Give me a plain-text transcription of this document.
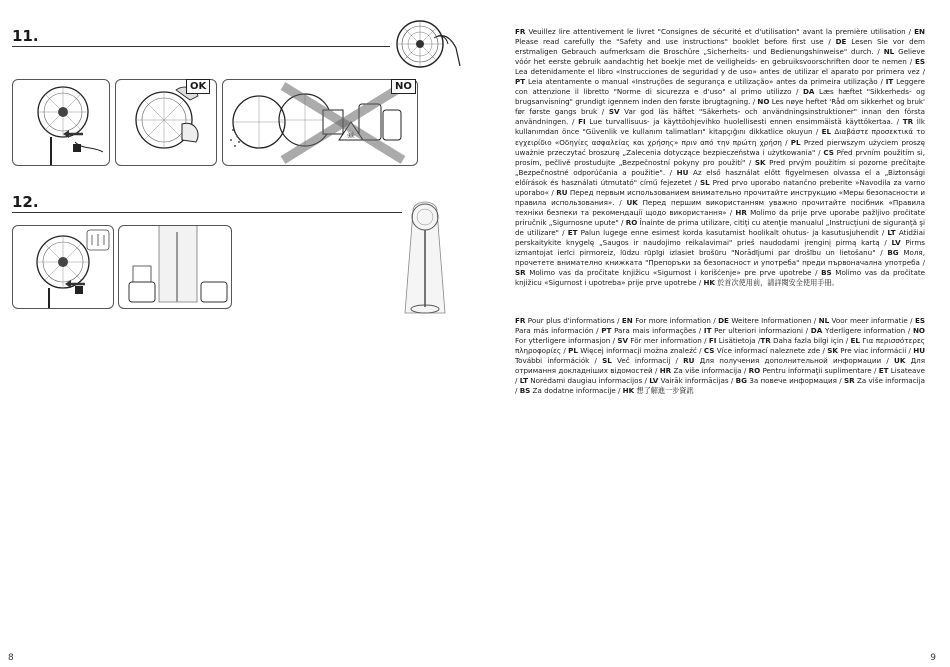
11.
OK
☠
NO
12.
8
FR Veuillez lire attentivement le livret "Consignes de sécurité et d'utilisation" avant la première utilisation / EN Please read carefully the "Safety and use instructions" booklet before first use / DE Lesen Sie vor dem erstmaligen Gebrauch aufmerksam die Broschüre „Sicherheits- und Bedienungshinweise" durch. / NL Gelieve vóór het eerste gebruik aandachtig het boekje met de veiligheids- en gebruiksvoorschriften door te nemen / ES Lea detenidamente el libro «Instrucciones de seguridad y de uso» antes de utilizar el aparato por primera vez / PT Leia atentamente o manual «Instruções de segurança e utilização» antes da primeira utilização / IT Leggere con attenzione il libretto "Norme di sicurezza e d'uso" al primo utilizzo / DA Læs hæftet "Sikkerheds- og brugsanvisning" grundigt igennem inden den første ibrugtagning. / NO Les nøye heftet 'Råd om sikkerhet og bruk' før første gangs bruk / SV Var god läs häftet "Säkerhets- och användningsinstruktioner" innan den första användningen. / FI Lue turvallisuus- ja käyttöohjevihko huolellisesti ennen ensimmäistä käyttökertaa. / TR İlk kullanımdan önce "Güvenlik ve kullanım talimatları" kitapçığını dikkatlice okuyun / EL Διαβάστε προσεκτικά το εγχειρίδιο «Οδηγίες ασφαλείας και χρήσης» πριν από την πρώτη χρήση / PL Przed pierwszym użyciem proszę uważnie przeczytać broszurę „Zalecenia dotyczące bezpieczeństwa i użytkowania" / CS Před prvním použitím si, prosím, pečlivě prostudujte „Bezpečnostní pokyny pro použití" / SK Pred prvým použitím si pozorne prečítajte „Bezpečnostné odporúčania a použitie". / HU Az első használat előtt figyelmesen olvassa el a „Biztonsági előírások és használati útmutató" című fejezetet / SL Pred prvo uporabo natančno preberite »Navodila za varno uporabo« / RU Перед первым использованием внимательно прочитайте инструкцию «Меры безопасности и правила использования». / UK Перед першим використанням уважно прочитайте посібник «Правила техніки безпеки та рекомендації щодо використання» / HR Molimo da prije prve uporabe pažljivo pročitate priručnik „Sigurnosne upute" / RO Înainte de prima utilizare, citiţi cu atenţie manualul „Instrucţiuni de siguranţă şi de utilizare" / ET Palun lugege enne esimest korda kasutamist hoolikalt ohutus- ja kasutusjuhendit / LT Atidžiai perskaitykite knygelę „Saugos ir naudojimo reikalavimai" prieš naudodami įrenginį pirmą kartą / LV Pirms izmantojat ierīci pirmoreiz, lūdzu rūpīgi izlasiet brošūru "Norādījumi par drošību un lietošanu" / BG Моля, прочетете внимателно книжката "Препоръки за безопасност и употреба" преди първоначална употреба / SR Molimo vas da pročitate knjižicu «Sigurnost i korišćenje» pre prve upotrebe / BS Molimo vas da pročitate knjižicu «Sigurnost i upotreba» prije prve upotrebe / HK 於首次使用前，請詳閱安全使用手冊。
FR Pour plus d'informations / EN For more information / DE Weitere Informationen / NL Voor meer informatie / ES Para más información / PT Para mais informações / IT Per ulteriori informazioni / DA Yderligere information / NO For ytterligere informasjon / SV För mer information / FI Lisätietoja /TR Daha fazla bilgi için / EL Για περισσότερες πληροφορίες / PL Więcej informacji można znaleźć / CS Více informací naleznete zde / SK Pre viac informácií / HU További információk / SL Več informacij / RU Для получения дополнительной информации / UK Для отримання докладніших відомостей / HR Za više informacija / RO Pentru informaţii suplimentare / ET Lisateave / LT Norėdami daugiau informacijos / LV Vairāk informācijas / BG За повече информация / SR Za više informacija / BS Za dodatne informacije / HK 想了解進一步資訊
9
